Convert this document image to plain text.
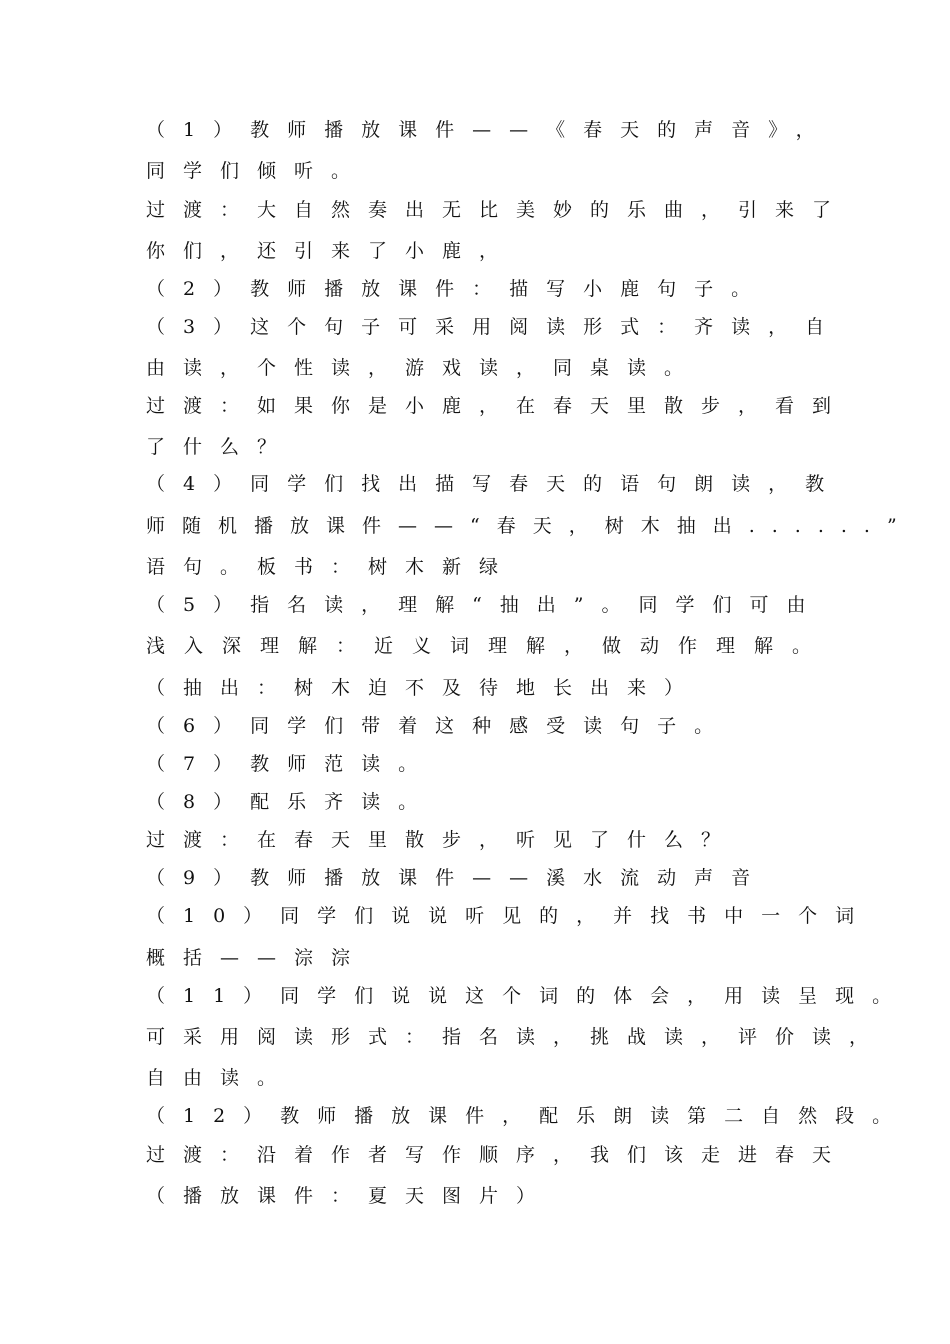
（1）教师播放课件——《春天的声音》，
同学们倾听。
过渡：大自然奏出无比美妙的乐曲，引来了
你们，还引来了小鹿，
（2）教师播放课件：描写小鹿句子。
（3）这个句子可采用阅读形式：齐读，自
由读，个性读，游戏读，同桌读。
过渡：如果你是小鹿，在春天里散步，看到
了什么？
（4）同学们找出描写春天的语句朗读，教
师随机播放课件——“春天，树木抽出......”
语句。板书：树木新绿
（5）指名读，理解“抽出”。同学们可由
浅入深理解：近义词理解，做动作理解。
（抽出：树木迫不及待地长出来）
（6）同学们带着这种感受读句子。
（7）教师范读。
（8）配乐齐读。
过渡：在春天里散步，听见了什么？
（9）教师播放课件——溪水流动声音
（10）同学们说说听见的，并找书中一个词
概括——淙淙
（11）同学们说说这个词的体会，用读呈现。
可采用阅读形式：指名读，挑战读，评价读，
自由读。
（12）教师播放课件，配乐朗读第二自然段。
过渡：沿着作者写作顺序，我们该走进春天
（播放课件：夏天图片）
